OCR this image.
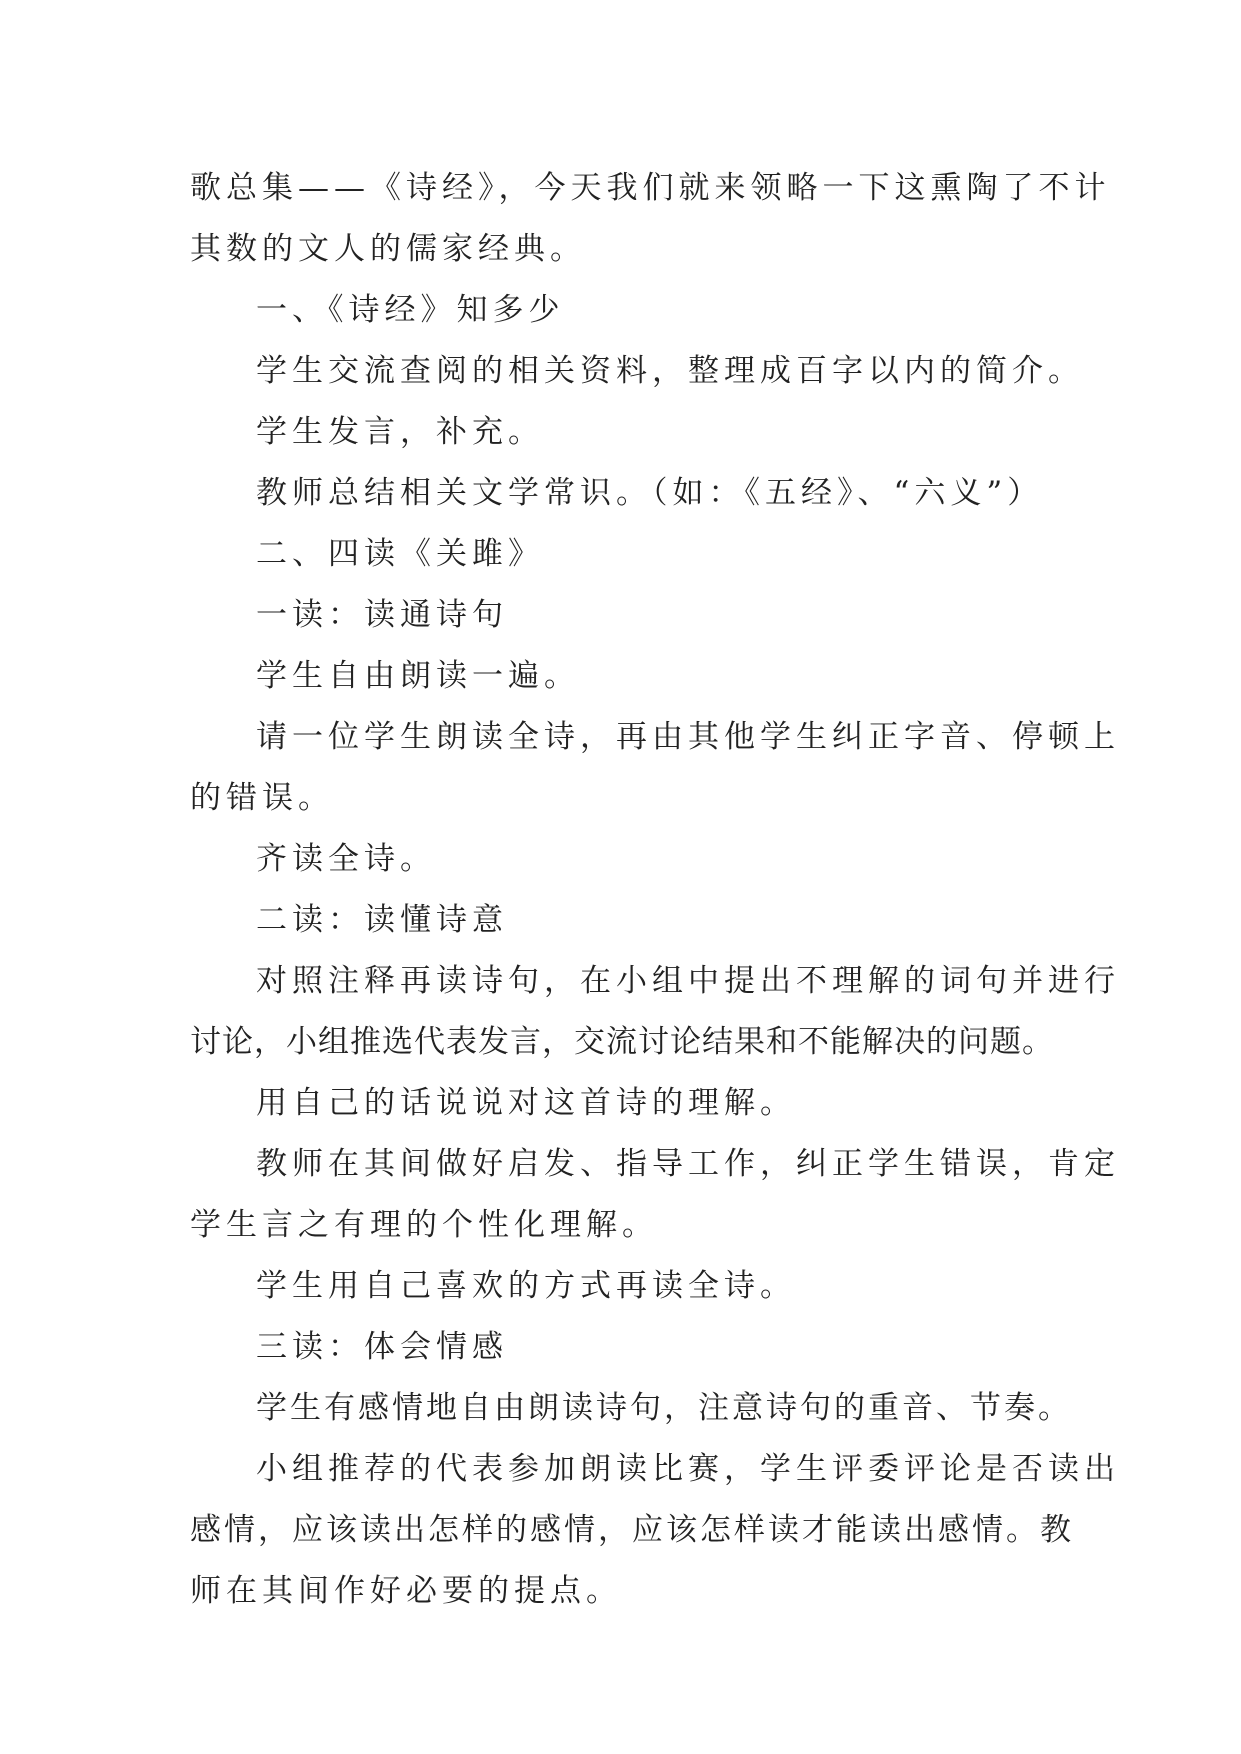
歌总集——《诗经》，今天我们就来领略一下这熏陶了不计
其数的文人的儒家经典。
一、《诗经》知多少
学生交流查阅的相关资料，整理成百字以内的简介。
学生发言，补充。
教师总结相关文学常识。（如：《五经》、“六义”）
二、四读《关雎》
一读：读通诗句
学生自由朗读一遍。
请一位学生朗读全诗，再由其他学生纠正字音、停顿上
的错误。
齐读全诗。
二读：读懂诗意
对照注释再读诗句，在小组中提出不理解的词句并进行
讨论，小组推选代表发言，交流讨论结果和不能解决的问题。
用自己的话说说对这首诗的理解。
教师在其间做好启发、指导工作，纠正学生错误，肯定
学生言之有理的个性化理解。
学生用自己喜欢的方式再读全诗。
三读：体会情感
学生有感情地自由朗读诗句，注意诗句的重音、节奏。
小组推荐的代表参加朗读比赛，学生评委评论是否读出
感情，应该读出怎样的感情，应该怎样读才能读出感情。教
师在其间作好必要的提点。
